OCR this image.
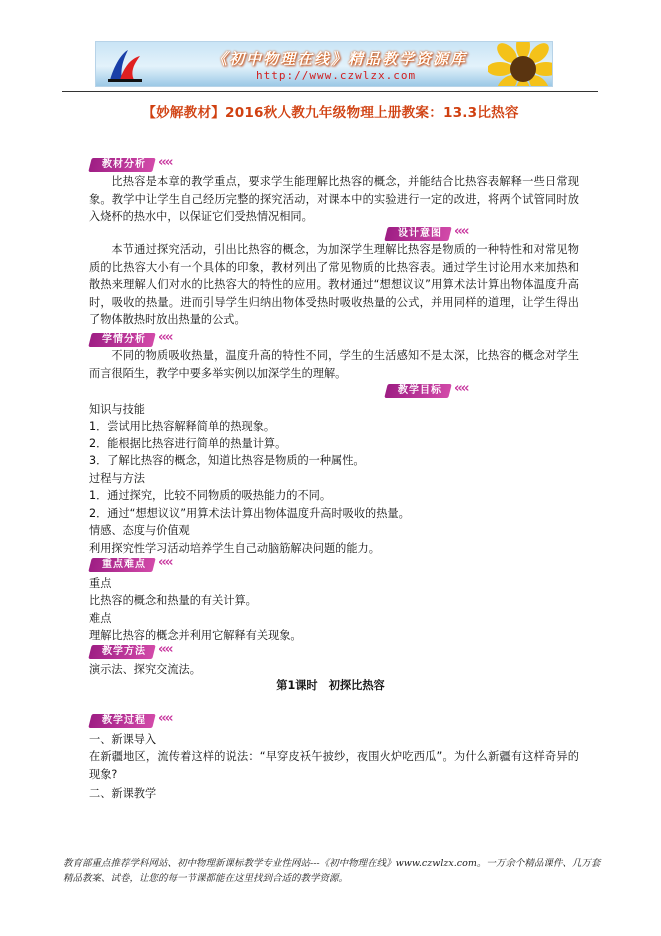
《初中物理在线》精品教学资源库
http://www.czwlzx.com
【妙解教材】2016秋人教九年级物理上册教案：13.3比热容
教材分析 ‹‹‹‹
比热容是本章的教学重点，要求学生能理解比热容的概念，并能结合比热容表解释一些日常现象。教学中让学生自己经历完整的探究活动，对课本中的实验进行一定的改进，将两个试管同时放入烧杯的热水中，以保证它们受热情况相同。
设计意图 ‹‹‹‹
本节通过探究活动，引出比热容的概念，为加深学生理解比热容是物质的一种特性和对常见物质的比热容大小有一个具体的印象，教材列出了常见物质的比热容表。通过学生讨论用水来加热和散热来理解人们对水的比热容大的特性的应用。教材通过“想想议议”用算术法计算出物体温度升高时，吸收的热量。进而引导学生归纳出物体受热时吸收热量的公式，并用同样的道理，让学生得出了物体散热时放出热量的公式。
学情分析 ‹‹‹‹
不同的物质吸收热量，温度升高的特性不同，学生的生活感知不是太深，比热容的概念对学生而言很陌生，教学中要多举实例以加深学生的理解。
教学目标 ‹‹‹‹
知识与技能
1．尝试用比热容解释简单的热现象。
2．能根据比热容进行简单的热量计算。
3．了解比热容的概念，知道比热容是物质的一种属性。
过程与方法
1．通过探究，比较不同物质的吸热能力的不同。
2．通过“想想议议”用算术法计算出物体温度升高时吸收的热量。
情感、态度与价值观
利用探究性学习活动培养学生自己动脑筋解决问题的能力。
重点难点 ‹‹‹‹
重点
比热容的概念和热量的有关计算。
难点
理解比热容的概念并利用它解释有关现象。
教学方法 ‹‹‹‹
演示法、探究交流法。
第1课时　初探比热容
教学过程 ‹‹‹‹
一、新课导入
在新疆地区，流传着这样的说法：“早穿皮袄午披纱，夜围火炉吃西瓜”。为什么新疆有这样奇异的现象?
二、新课教学
教育部重点推荐学科网站、初中物理新课标教学专业性网站---《初中物理在线》www.czwlzx.com。一万余个精品课件、几万套精品教案、试卷，让您的每一节课都能在这里找到合适的教学资源。
